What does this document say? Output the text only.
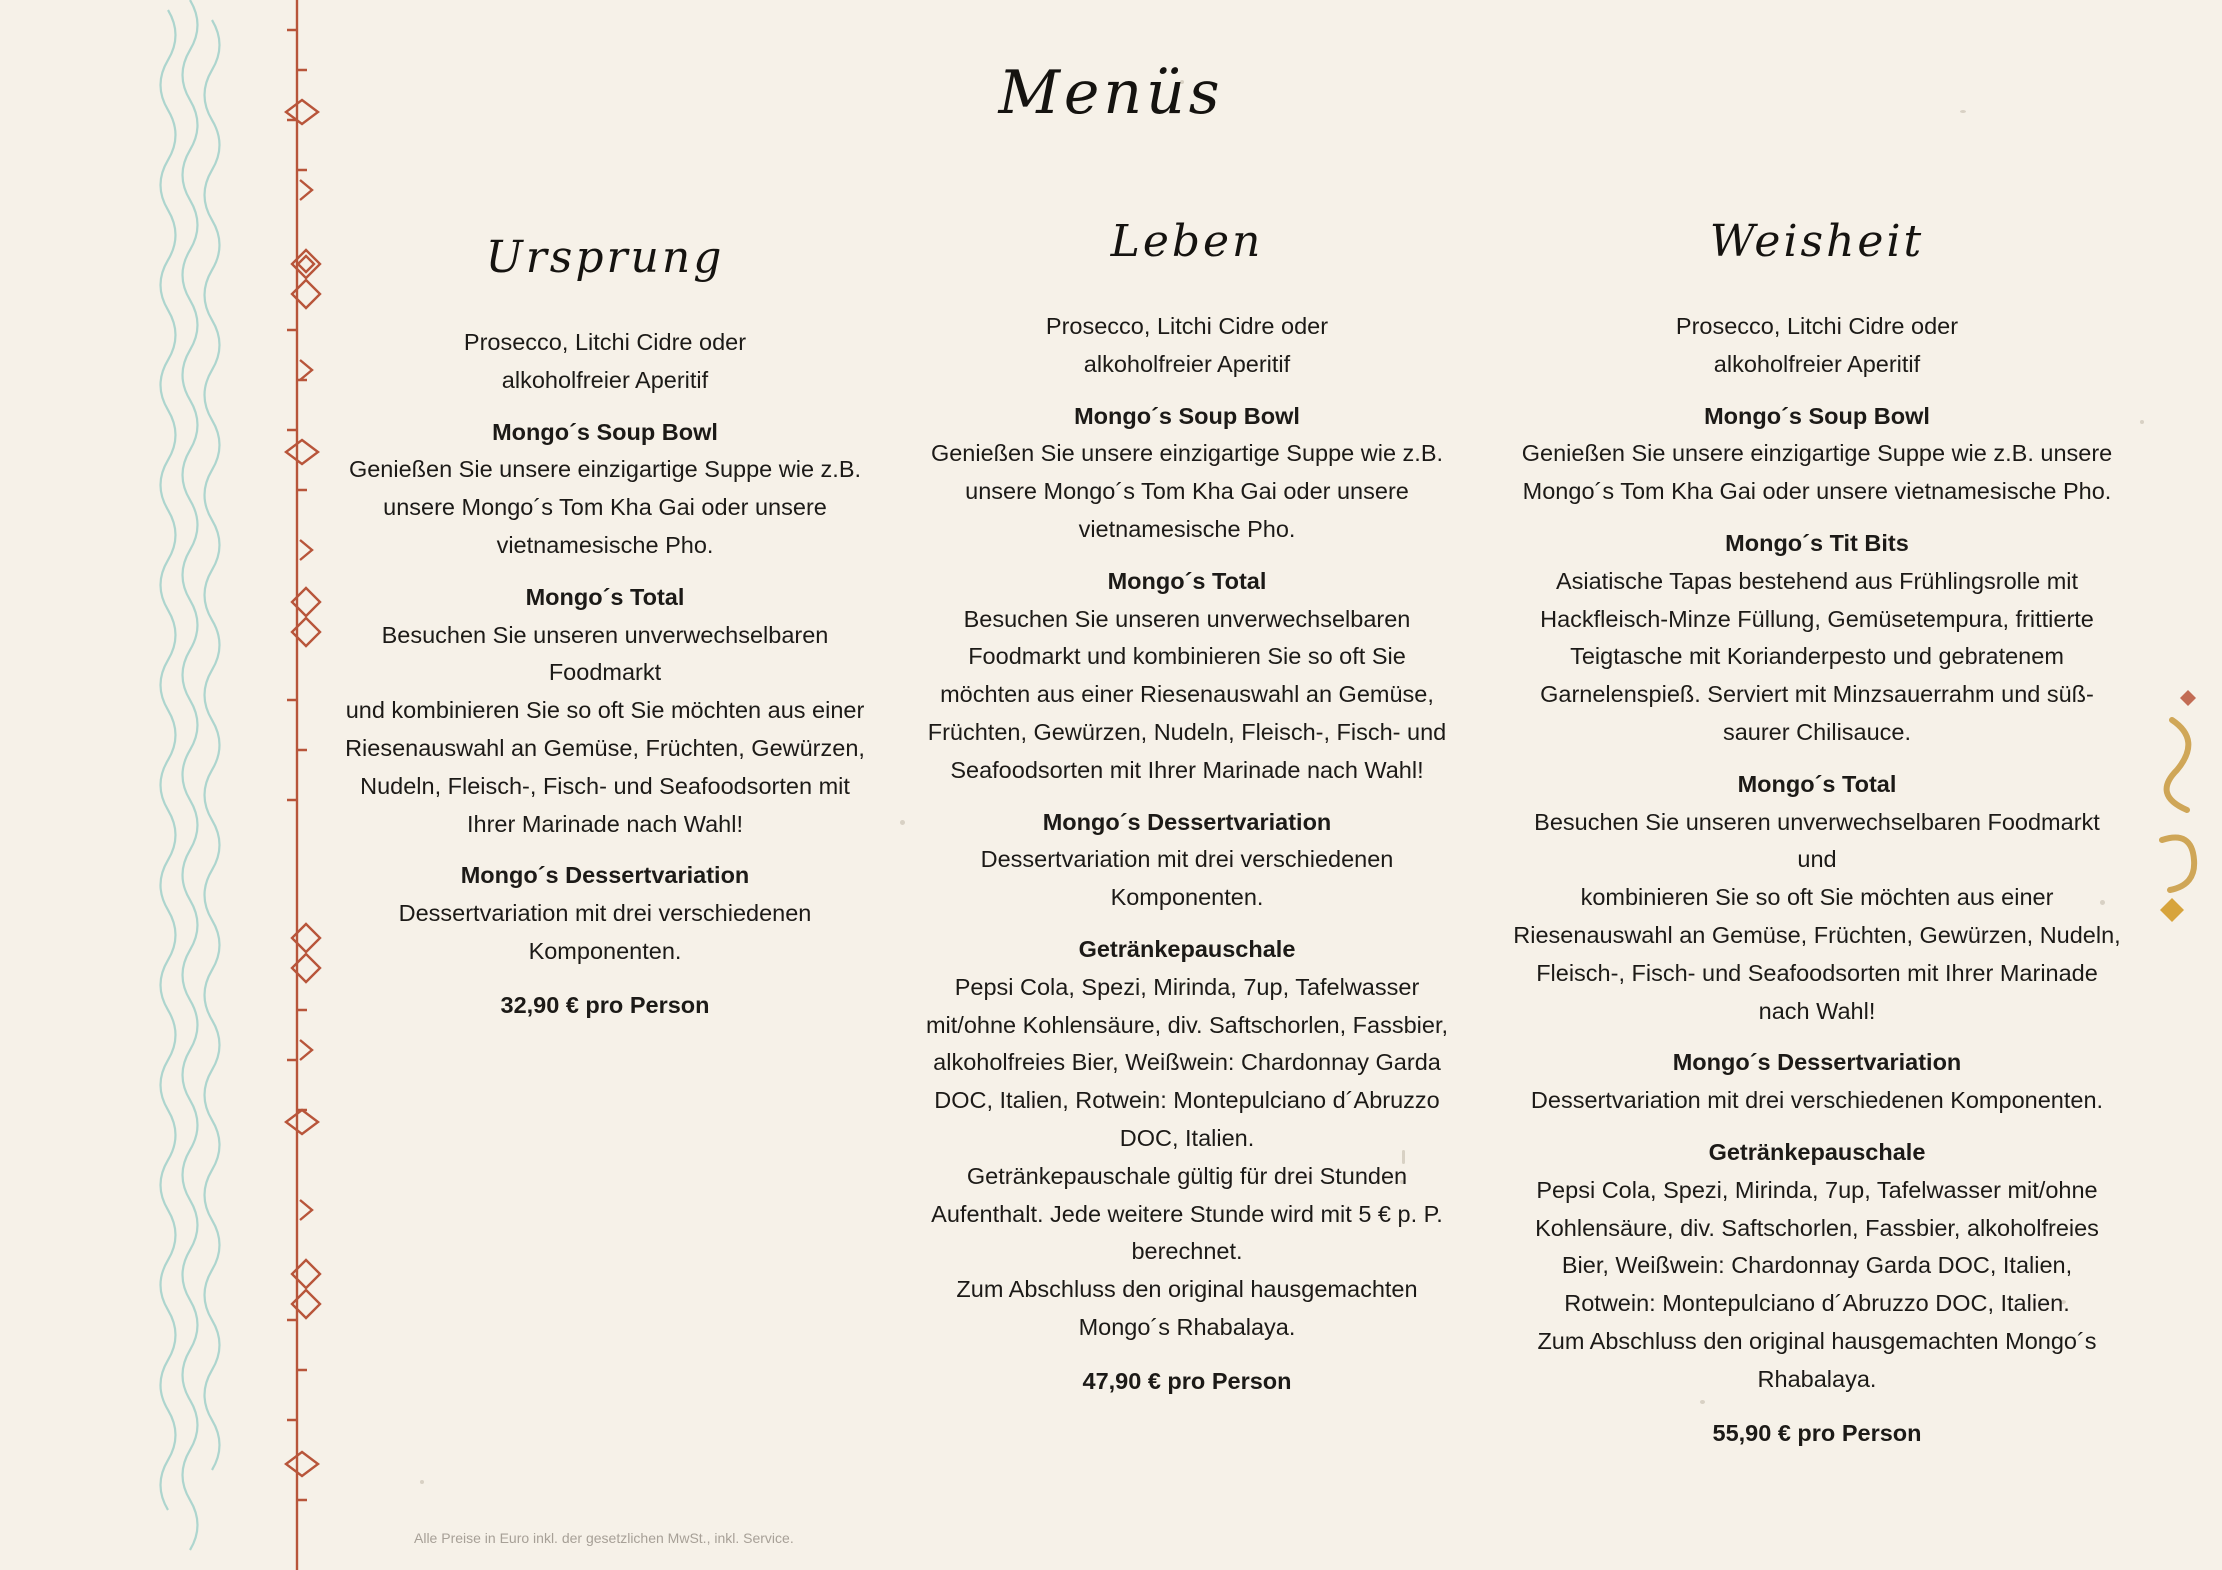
Menüs
Ursprung
Prosecco, Litchi Cidre oder
alkoholfreier Aperitif
Mongo´s Soup Bowl
Genießen Sie unsere einzigartige Suppe wie z.B.
unsere Mongo´s Tom Kha Gai oder unsere
vietnamesische Pho.
Mongo´s Total
Besuchen Sie unseren unverwechselbaren Foodmarkt
und kombinieren Sie so oft Sie möchten aus einer
Riesenauswahl an Gemüse, Früchten, Gewürzen,
Nudeln, Fleisch-, Fisch- und Seafoodsorten mit
Ihrer Marinade nach Wahl!
Mongo´s Dessertvariation
Dessertvariation mit drei verschiedenen
Komponenten.
32,90 € pro Person
Leben
Prosecco, Litchi Cidre oder
alkoholfreier Aperitif
Mongo´s Soup Bowl
Genießen Sie unsere einzigartige Suppe wie z.B.
unsere Mongo´s Tom Kha Gai oder unsere
vietnamesische Pho.
Mongo´s Total
Besuchen Sie unseren unverwechselbaren
Foodmarkt und kombinieren Sie so oft Sie
möchten aus einer Riesenauswahl an Gemüse,
Früchten, Gewürzen, Nudeln, Fleisch-, Fisch- und
Seafoodsorten mit Ihrer Marinade nach Wahl!
Mongo´s Dessertvariation
Dessertvariation mit drei verschiedenen
Komponenten.
Getränkepauschale
Pepsi Cola, Spezi, Mirinda, 7up, Tafelwasser
mit/ohne Kohlensäure, div. Saftschorlen, Fassbier,
alkoholfreies Bier, Weißwein: Chardonnay Garda
DOC, Italien, Rotwein: Montepulciano d´Abruzzo
DOC, Italien.
Getränkepauschale gültig für drei Stunden
Aufenthalt. Jede weitere Stunde wird mit 5 € p. P.
berechnet.
Zum Abschluss den original hausgemachten
Mongo´s Rhabalaya.
47,90 € pro Person
Weisheit
Prosecco, Litchi Cidre oder
alkoholfreier Aperitif
Mongo´s Soup Bowl
Genießen Sie unsere einzigartige Suppe wie z.B. unsere
Mongo´s Tom Kha Gai oder unsere vietnamesische Pho.
Mongo´s Tit Bits
Asiatische Tapas bestehend aus Frühlingsrolle mit
Hackfleisch-Minze Füllung, Gemüsetempura, frittierte
Teigtasche mit Korianderpesto und gebratenem
Garnelenspieß. Serviert mit Minzsauerrahm und süß-
saurer Chilisauce.
Mongo´s Total
Besuchen Sie unseren unverwechselbaren Foodmarkt und
kombinieren Sie so oft Sie möchten aus einer
Riesenauswahl an Gemüse, Früchten, Gewürzen, Nudeln,
Fleisch-, Fisch- und Seafoodsorten mit Ihrer Marinade
nach Wahl!
Mongo´s Dessertvariation
Dessertvariation mit drei verschiedenen Komponenten.
Getränkepauschale
Pepsi Cola, Spezi, Mirinda, 7up, Tafelwasser mit/ohne
Kohlensäure, div. Saftschorlen, Fassbier, alkoholfreies
Bier, Weißwein: Chardonnay Garda DOC, Italien,
Rotwein: Montepulciano d´Abruzzo DOC, Italien.
Zum Abschluss den original hausgemachten Mongo´s
Rhabalaya.
55,90 € pro Person
Alle Preise in Euro inkl. der gesetzlichen MwSt., inkl. Service.
